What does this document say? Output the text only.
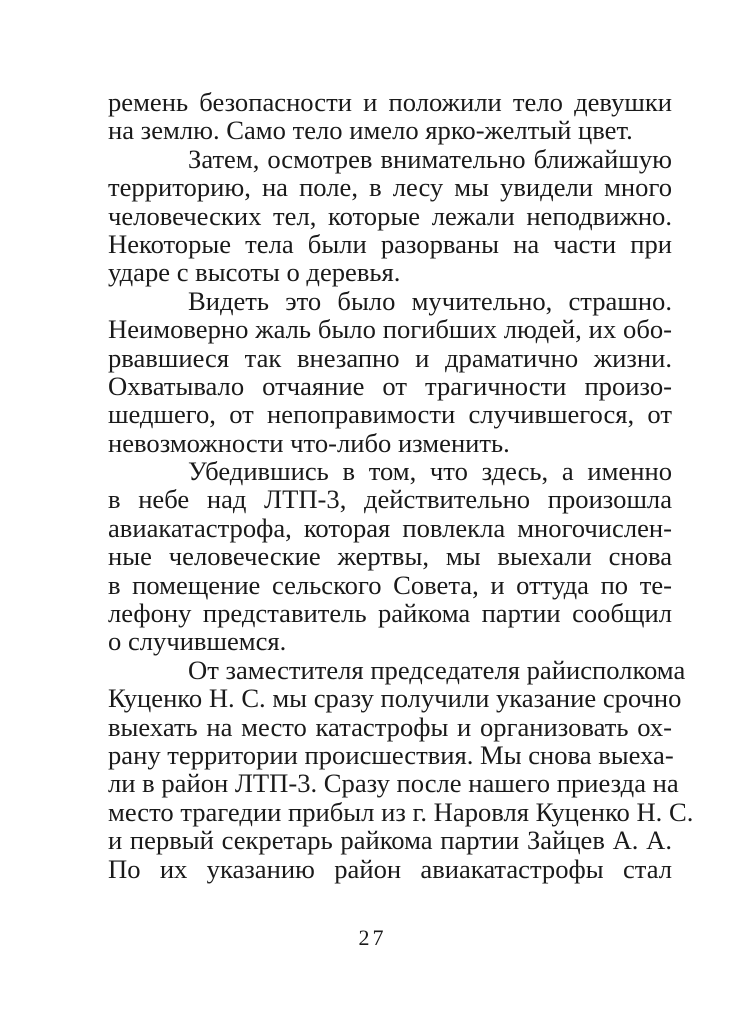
ремень безопасности и положили тело девушки
на землю. Само тело имело ярко-желтый цвет.
Затем, осмотрев внимательно ближайшую
территорию, на поле, в лесу мы увидели много
человеческих тел, которые лежали неподвижно.
Некоторые тела были разорваны на части при
ударе с высоты о деревья.
Видеть это было мучительно, страшно.
Неимоверно жаль было погибших людей, их обо-
рвавшиеся так внезапно и драматично жизни.
Охватывало отчаяние от трагичности произо-
шедшего, от непоправимости случившегося, от
невозможности что-либо изменить.
Убедившись в том, что здесь, а именно
в небе над ЛТП-3, действительно произошла
авиакатастрофа, которая повлекла многочислен-
ные человеческие жертвы, мы выехали снова
в помещение сельского Совета, и оттуда по те-
лефону представитель райкома партии сообщил
о случившемся.
От заместителя председателя райисполкома
Куценко Н. С. мы сразу получили указание срочно
выехать на место катастрофы и организовать ох-
рану территории происшествия. Мы снова выеха-
ли в район ЛТП-3. Сразу после нашего приезда на
место трагедии прибыл из г. Наровля Куценко Н. С.
и первый секретарь райкома партии Зайцев А. А.
По их указанию район авиакатастрофы стал
27
